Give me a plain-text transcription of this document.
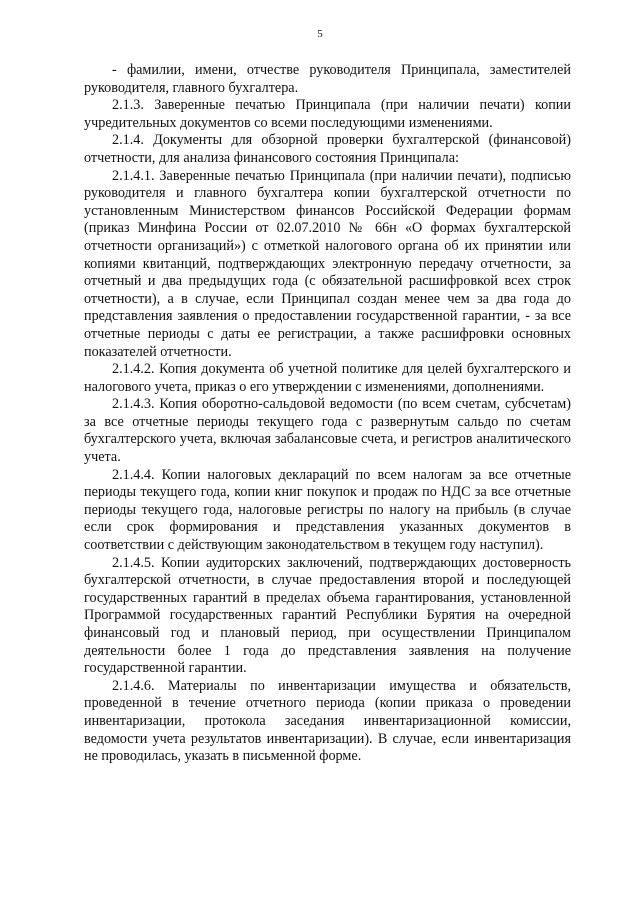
5

- фамилии, имени, отчестве руководителя Принципала, заместителей руководителя, главного бухгалтера.

2.1.3. Заверенные печатью Принципала (при наличии печати) копии учредительных документов со всеми последующими изменениями.

2.1.4. Документы для обзорной проверки бухгалтерской (финансовой) отчетности, для анализа финансового состояния Принципала:

2.1.4.1. Заверенные печатью Принципала (при наличии печати), подписью руководителя и главного бухгалтера копии бухгалтерской отчетности по установленным Министерством финансов Российской Федерации формам (приказ Минфина России от 02.07.2010 № 66н «О формах бухгалтерской отчетности организаций») с отметкой налогового органа об их принятии или копиями квитанций, подтверждающих электронную передачу отчетности, за отчетный и два предыдущих года (с обязательной расшифровкой всех строк отчетности), а в случае, если Принципал создан менее чем за два года до представления заявления о предоставлении государственной гарантии, - за все отчетные периоды с даты ее регистрации, а также расшифровки основных показателей отчетности.

2.1.4.2. Копия документа об учетной политике для целей бухгалтерского и налогового учета, приказ о его утверждении с изменениями, дополнениями.

2.1.4.3. Копия оборотно-сальдовой ведомости (по всем счетам, субсчетам) за все отчетные периоды текущего года с развернутым сальдо по счетам бухгалтерского учета, включая забалансовые счета, и регистров аналитического учета.

2.1.4.4. Копии налоговых деклараций по всем налогам за все отчетные периоды текущего года, копии книг покупок и продаж по НДС за все отчетные периоды текущего года, налоговые регистры по налогу на прибыль (в случае если срок формирования и представления указанных документов в соответствии с действующим законодательством в текущем году наступил).

2.1.4.5. Копии аудиторских заключений, подтверждающих достоверность бухгалтерской отчетности, в случае предоставления второй и последующей государственных гарантий в пределах объема гарантирования, установленной Программой государственных гарантий Республики Бурятия на очередной финансовый год и плановый период, при осуществлении Принципалом деятельности более 1 года до представления заявления на получение государственной гарантии.

2.1.4.6. Материалы по инвентаризации имущества и обязательств, проведенной в течение отчетного периода (копии приказа о проведении инвентаризации, протокола заседания инвентаризационной комиссии, ведомости учета результатов инвентаризации). В случае, если инвентаризация не проводилась, указать в письменной форме.
